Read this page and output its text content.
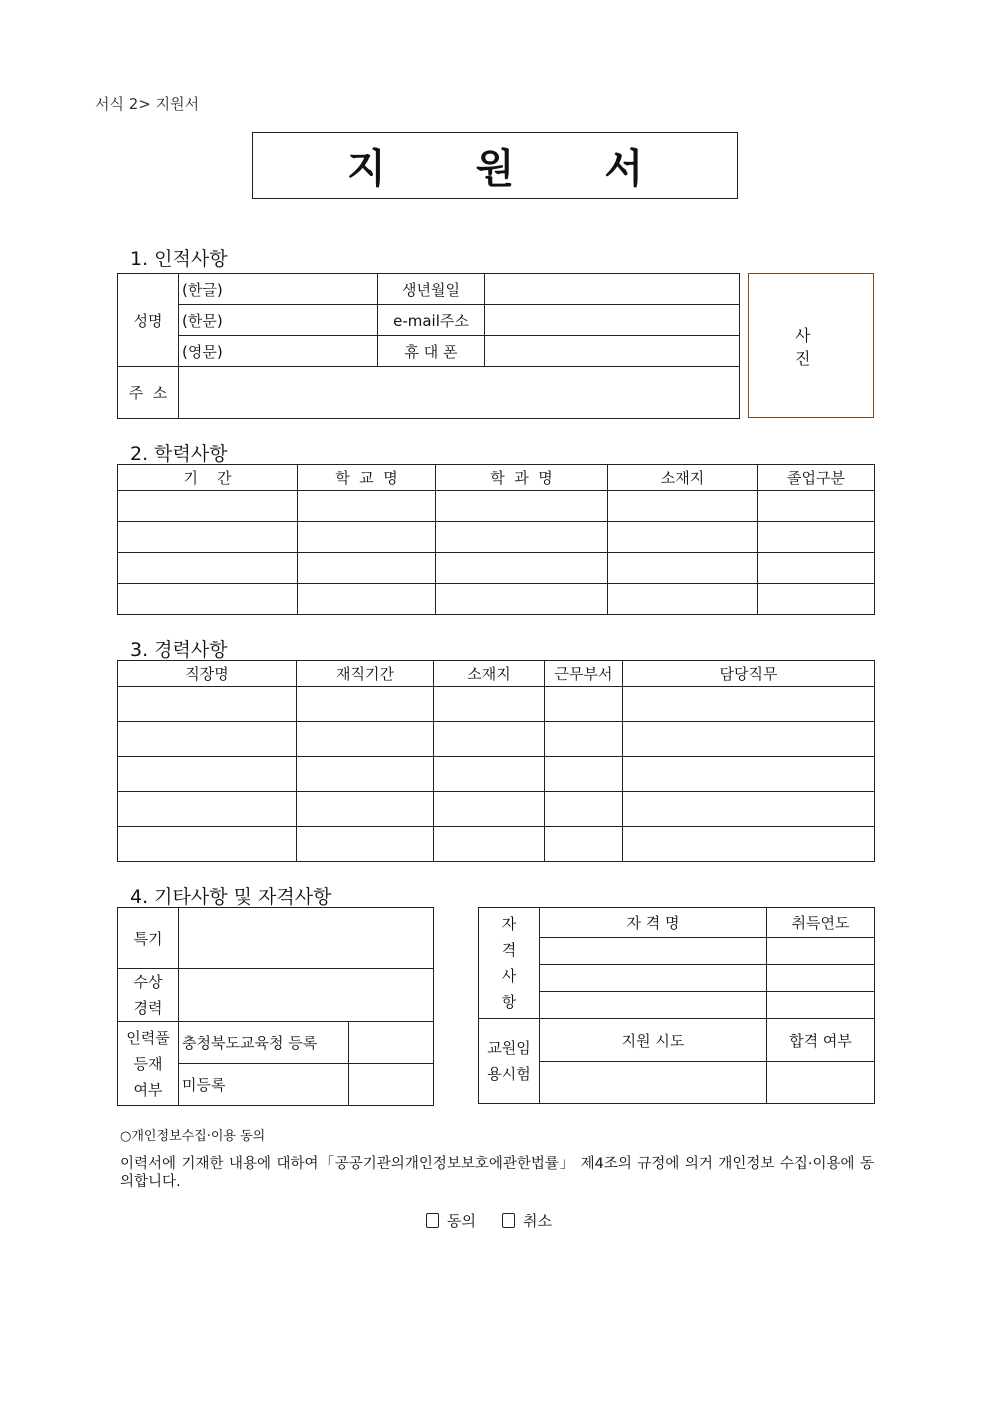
서식 2> 지원서
지 원 서
1. 인적사항
성명	(한글)	생년월일	
	(한문)	e-mail주소	
	(영문)	휴 대 폰	
주  소			
사 진
2. 학력사항
기    간	학  교  명	학  과  명	소재지	졸업구분

3. 경력사항
직장명	재직기간	소재지	근무부서	담당직무

4. 기타사항 및 자격사항
특기		

수상
경력		

인력풀
등재
여부	충청북도교육청 등록	
	미등록	
자
격
사
항	자 격 명	취득연도

교원임
용시험	지원 시도	합격 여부

○개인정보수집·이용 동의
이력서에 기재한 내용에 대하여「공공기관의개인정보보호에관한법률」 제4조의 규정에 의거 개인정보 수집·이용에 동의합니다.
동의	취소
